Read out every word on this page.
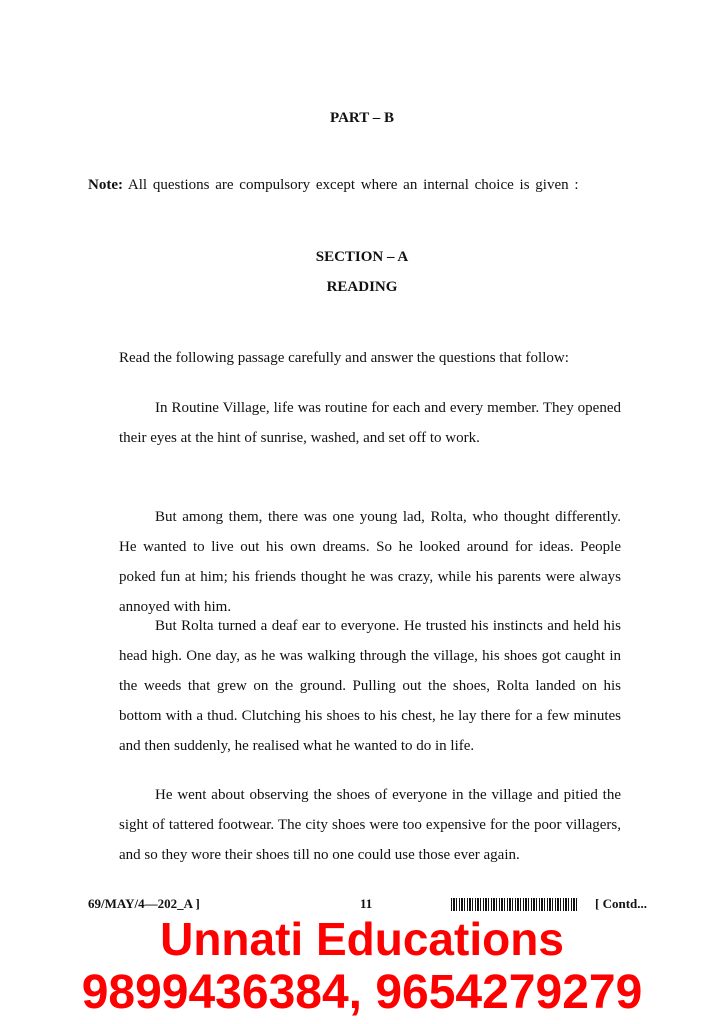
PART – B
Note: All questions are compulsory except where an internal choice is given :
SECTION – A
READING
Read the following passage carefully and answer the questions that follow:
In Routine Village, life was routine for each and every member. They opened their eyes at the hint of sunrise, washed, and set off to work.
But among them, there was one young lad, Rolta, who thought differently. He wanted to live out his own dreams. So he looked around for ideas. People poked fun at him; his friends thought he was crazy, while his parents were always annoyed with him.
But Rolta turned a deaf ear to everyone. He trusted his instincts and held his head high. One day, as he was walking through the village, his shoes got caught in the weeds that grew on the ground. Pulling out the shoes, Rolta landed on his bottom with a thud. Clutching his shoes to his chest, he lay there for a few minutes and then suddenly, he realised what he wanted to do in life.
He went about observing the shoes of everyone in the village and pitied the sight of tattered footwear. The city shoes were too expensive for the poor villagers, and so they wore their shoes till no one could use those ever again.
69/MAY/4—202_A ]	11	[ Contd...
Unnati Educations
9899436384, 9654279279
